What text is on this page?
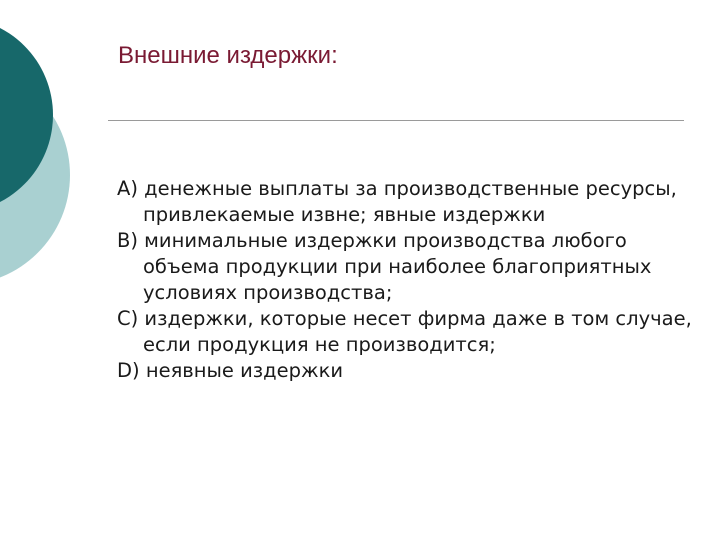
Внешние издержки:
А) денежные выплаты за производственные ресурсы, привлекаемые извне; явные издержки
B) минимальные издержки производства любого объема продукции при наиболее благоприятных условиях производства;
C) издержки, которые несет фирма даже в том случае, если продукция не производится;
D) неявные издержки
